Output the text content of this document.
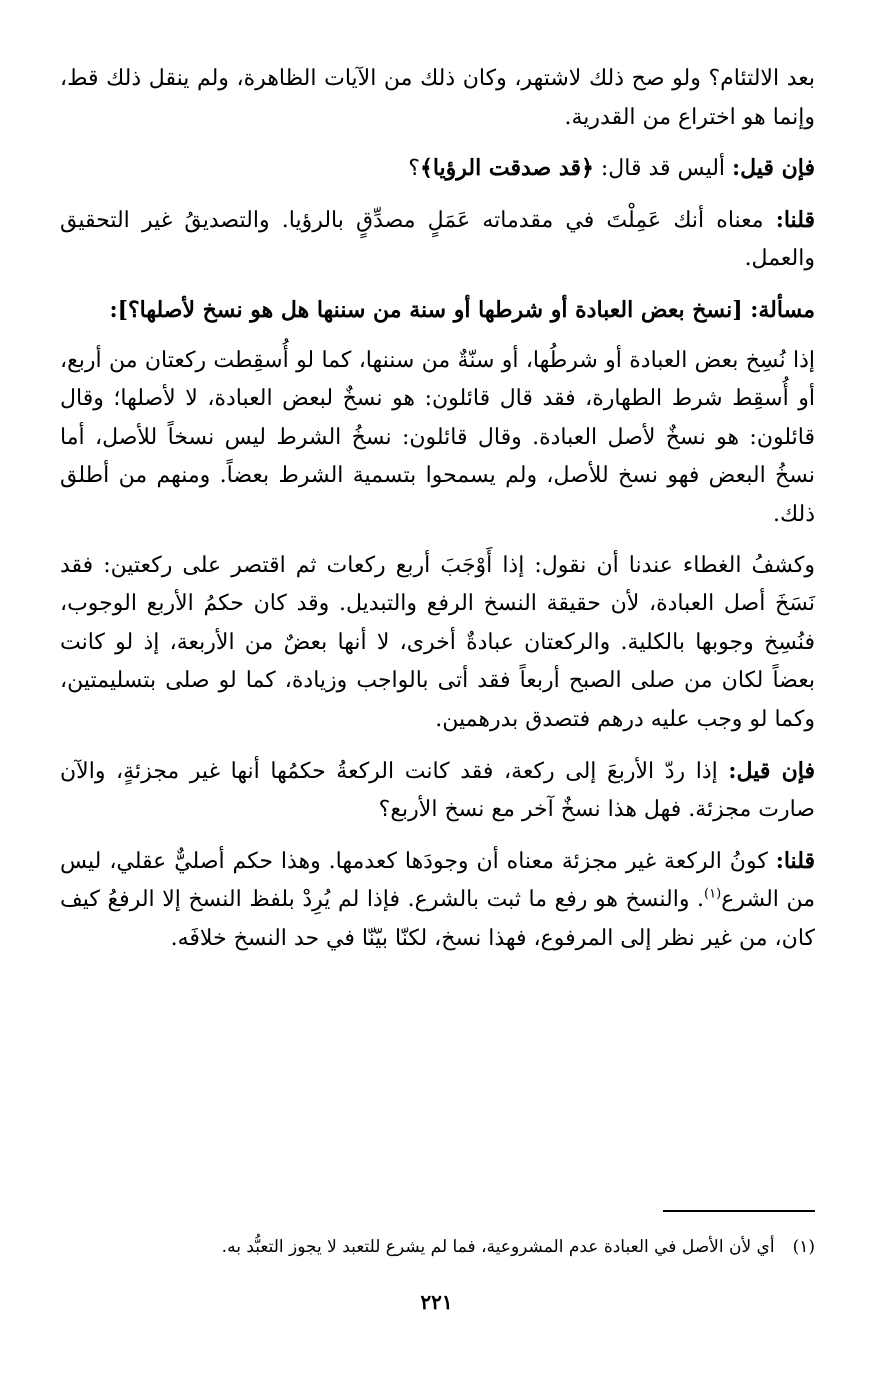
بعد الالتئام؟ ولو صح ذلك لاشتهر، وكان ذلك من الآيات الظاهرة، ولم ينقل ذلك قط، وإنما هو اختراع من القدرية.

فإن قيل: أليس قد قال: ﴿قد صدقت الرؤيا﴾؟

قلنا: معناه أنك عَمِلْتَ في مقدماته عَمَلٍ مصدِّقٍ بالرؤيا. والتصديقُ غير التحقيق والعمل.

مسألة: [نسخ بعض العبادة أو شرطها أو سنة من سننها هل هو نسخ لأصلها؟]:

إذا نُسِخ بعض العبادة أو شرطُها، أو سنّةٌ من سننها، كما لو أُسقِطت ركعتان من أربع، أو أُسقِط شرط الطهارة، فقد قال قائلون: هو نسخٌ لبعض العبادة، لا لأصلها؛ وقال قائلون: هو نسخٌ لأصل العبادة. وقال قائلون: نسخُ الشرط ليس نسخاً للأصل، أما نسخُ البعض فهو نسخ للأصل، ولم يسمحوا بتسمية الشرط بعضاً. ومنهم من أطلق ذلك.

وكشفُ الغطاء عندنا أن نقول: إذا أَوْجَبَ أربع ركعات ثم اقتصر على ركعتين: فقد نَسَخَ أصل العبادة، لأن حقيقة النسخ الرفع والتبديل. وقد كان حكمُ الأربع الوجوب، فنُسِخ وجوبها بالكلية. والركعتان عبادةٌ أخرى، لا أنها بعضٌ من الأربعة، إذ لو كانت بعضاً لكان من صلى الصبح أربعاً فقد أتى بالواجب وزيادة، كما لو صلى بتسليمتين، وكما لو وجب عليه درهم فتصدق بدرهمين.

فإن قيل: إذا ردّ الأربعَ إلى ركعة، فقد كانت الركعةُ حكمُها أنها غير مجزئةٍ، والآن صارت مجزئة. فهل هذا نسخٌ آخر مع نسخ الأربع؟

قلنا: كونُ الركعة غير مجزئة معناه أن وجودَها كعدمها. وهذا حكم أصليٌّ عقلي، ليس من الشرع$^{(١)}$. والنسخ هو رفع ما ثبت بالشرع. فإذا لم يُرِدْ بلفظ النسخ إلا الرفعُ كيف كان، من غير نظر إلى المرفوع، فهذا نسخ، لكنّا بيّنّا في حد النسخ خلافَه.

(١)أي لأن الأصل في العبادة عدم المشروعية، فما لم يشرع للتعبد لا يجوز التعبُّد به.
٢٢١
